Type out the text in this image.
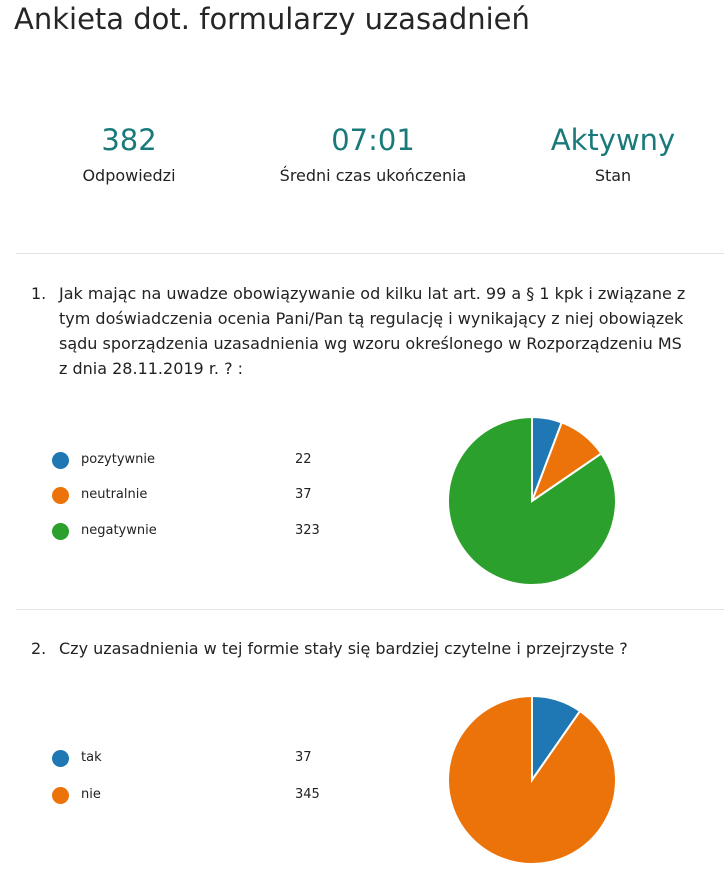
Ankieta dot. formularzy uzasadnień
382
Odpowiedzi
07:01
Średni czas ukończenia
Aktywny
Stan
1. Jak mając na uwadze obowiązywanie od kilku lat art. 99 a § 1 kpk i związane z tym doświadczenia ocenia Pani/Pan tą regulację i wynikający z niej obowiązek sądu sporządzenia uzasadnienia wg wzoru określonego w Rozporządzeniu MS z dnia 28.11.2019 r. ? :
pozytywnie	22
neutralnie	37
negatywnie	323
2. Czy uzasadnienia w tej formie stały się bardziej czytelne i przejrzyste ?
tak	37
nie	345
